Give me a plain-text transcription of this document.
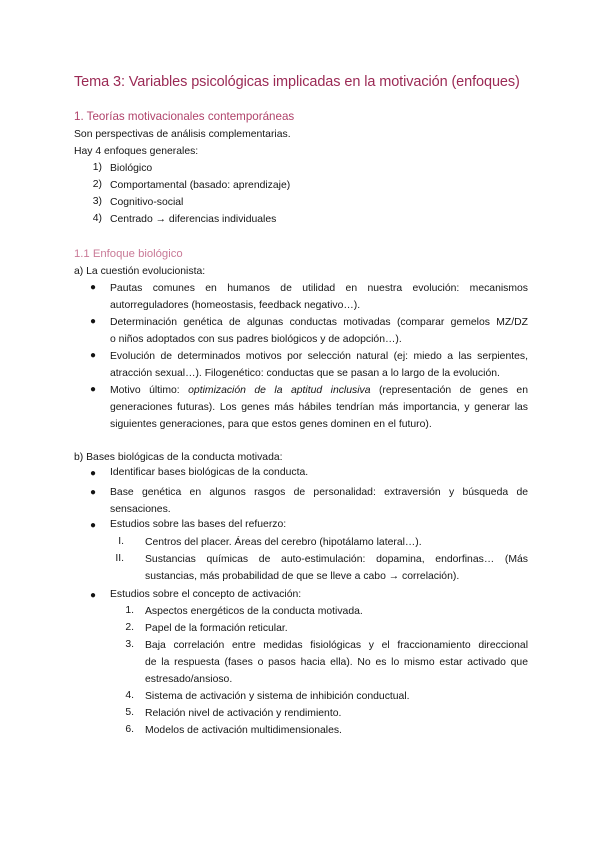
Tema 3: Variables psicológicas implicadas en la motivación (enfoques)
1. Teorías motivacionales contemporáneas
Son perspectivas de análisis complementarias.
Hay 4 enfoques generales:
1) Biológico
2) Comportamental (basado: aprendizaje)
3) Cognitivo-social
4) Centrado → diferencias individuales
1.1 Enfoque biológico
a) La cuestión evolucionista:
● Pautas comunes en humanos de utilidad en nuestra evolución: mecanismos
autorreguladores (homeostasis, feedback negativo…).
● Determinación genética de algunas conductas motivadas (comparar gemelos MZ/DZ
o niños adoptados con sus padres biológicos y de adopción…).
● Evolución de determinados motivos por selección natural (ej: miedo a las serpientes,
atracción sexual…). Filogenético: conductas que se pasan a lo largo de la evolución.
● Motivo último: optimización de la aptitud inclusiva (representación de genes en
generaciones futuras). Los genes más hábiles tendrían más importancia, y generar las
siguientes generaciones, para que estos genes dominen en el futuro).
b) Bases biológicas de la conducta motivada:
● Identificar bases biológicas de la conducta.
● Base genética en algunos rasgos de personalidad: extraversión y búsqueda de
sensaciones.
● Estudios sobre las bases del refuerzo:
I. Centros del placer. Áreas del cerebro (hipotálamo lateral…).
II. Sustancias químicas de auto-estimulación: dopamina, endorfinas… (Más
sustancias, más probabilidad de que se lleve a cabo → correlación).
● Estudios sobre el concepto de activación:
1. Aspectos energéticos de la conducta motivada.
2. Papel de la formación reticular.
3. Baja correlación entre medidas fisiológicas y el fraccionamiento direccional
de la respuesta (fases o pasos hacia ella). No es lo mismo estar activado que
estresado/ansioso.
4. Sistema de activación y sistema de inhibición conductual.
5. Relación nivel de activación y rendimiento.
6. Modelos de activación multidimensionales.
